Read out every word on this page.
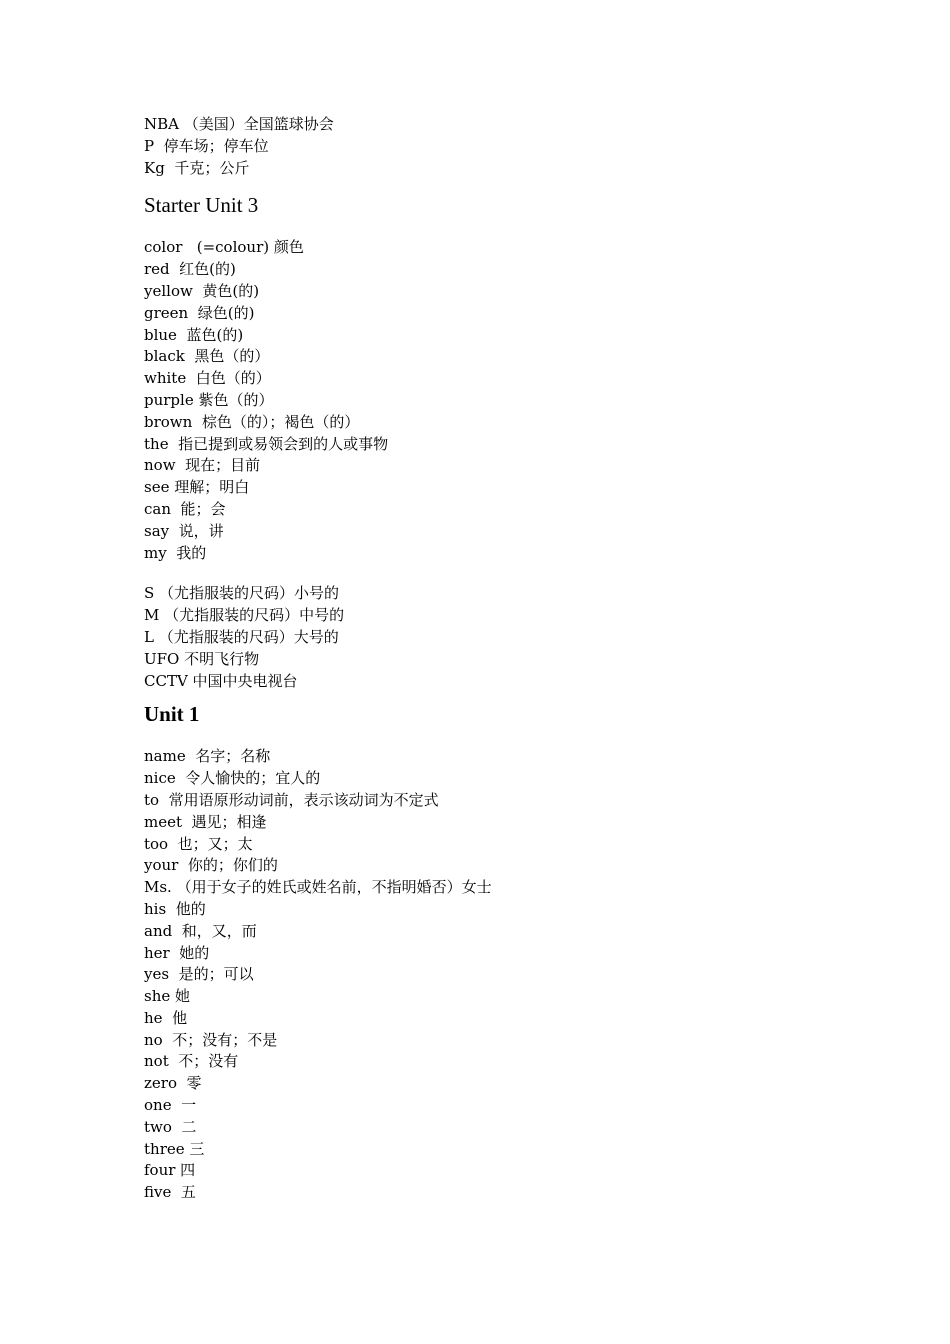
NBA （美国）全国篮球协会

P  停车场；停车位

Kg  千克；公斤

Starter Unit 3

color   (=colour) 颜色

red  红色(的)

yellow  黄色(的)

green  绿色(的)

blue  蓝色(的)

black  黑色（的）

white  白色（的）

purple 紫色（的）

brown  棕色（的）；褐色（的）

the  指已提到或易领会到的人或事物

now  现在；目前

see 理解；明白

can  能；会

say  说，讲

my  我的

S （尤指服装的尺码）小号的

M （尤指服装的尺码）中号的

L （尤指服装的尺码）大号的

UFO 不明飞行物

CCTV 中国中央电视台

Unit 1

name  名字；名称

nice  令人愉快的；宜人的

to  常用语原形动词前，表示该动词为不定式

meet  遇见；相逢

too  也；又；太

your  你的；你们的

Ms. （用于女子的姓氏或姓名前，不指明婚否）女士

his  他的

and  和，又，而

her  她的

yes  是的；可以

she 她

he  他

no  不；没有；不是

not  不；没有

zero  零

one  一

two  二

three 三

four 四

five  五
